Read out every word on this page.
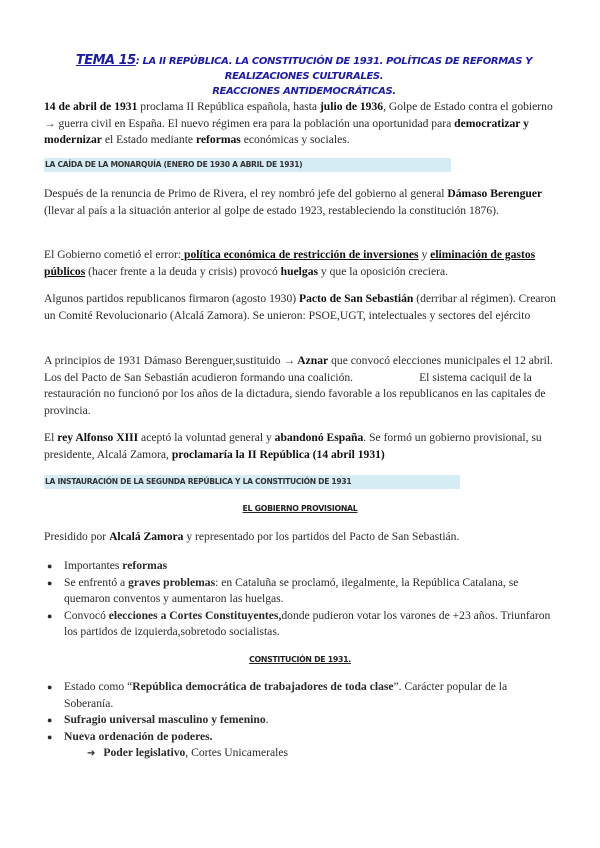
TEMA 15: LA II REPÚBLICA. LA CONSTITUCIÓN DE 1931. POLÍTICAS DE REFORMAS Y REALIZACIONES CULTURALES.
REACCIONES ANTIDEMOCRÁTICAS.
14 de abril de 1931 proclama II República española, hasta julio de 1936, Golpe de Estado contra el gobierno → guerra civil en España. El nuevo régimen era para la población una oportunidad para democratizar y modernizar el Estado mediante reformas económicas y sociales.
LA CAÍDA DE LA MONARQUÍA (ENERO DE 1930 A ABRIL DE 1931)
Después de la renuncia de Primo de Rivera, el rey nombró jefe del gobierno al general Dámaso Berenguer (llevar al país a la situación anterior al golpe de estado 1923, restableciendo la constitución 1876).
El Gobierno cometió el error: política económica de restricción de inversiones y eliminación de gastos públicos (hacer frente a la deuda y crisis) provocó huelgas y que la oposición creciera.
Algunos partidos republicanos firmaron (agosto 1930) Pacto de San Sebastián (derribar al régimen). Crearon un Comité Revolucionario (Alcalá Zamora). Se unieron: PSOE,UGT, intelectuales y sectores del ejército
A principios de 1931 Dámaso Berenguer,sustituido → Aznar que convocó elecciones municipales el 12 abril. Los del Pacto de San Sebastián acudieron formando una coalición.	El sistema caciquil de la restauración no funcionó por los años de la dictadura, siendo favorable a los republicanos en las capitales de provincia.
El rey Alfonso XIII aceptó la voluntad general y abandonó España. Se formó un gobierno provisional, su presidente, Alcalá Zamora, proclamaría la II República (14 abril 1931)
LA INSTAURACIÓN DE LA SEGUNDA REPÚBLICA Y LA CONSTITUCIÓN DE 1931
EL GOBIERNO PROVISIONAL
Presidido por Alcalá Zamora y representado por los partidos del Pacto de San Sebastián.
● Importantes reformas
● Se enfrentó a graves problemas: en Cataluña se proclamó, ilegalmente, la República Catalana, se quemaron conventos y aumentaron las huelgas.
● Convocó elecciones a Cortes Constituyentes,donde pudieron votar los varones de +23 años. Triunfaron los partidos de izquierda,sobretodo socialistas.
CONSTITUCIÓN DE 1931.
● Estado como “República democrática de trabajadores de toda clase”. Carácter popular de la Soberanía.
● Sufragio universal masculino y femenino.
● Nueva ordenación de poderes.
➔ Poder legislativo, Cortes Unicamerales
